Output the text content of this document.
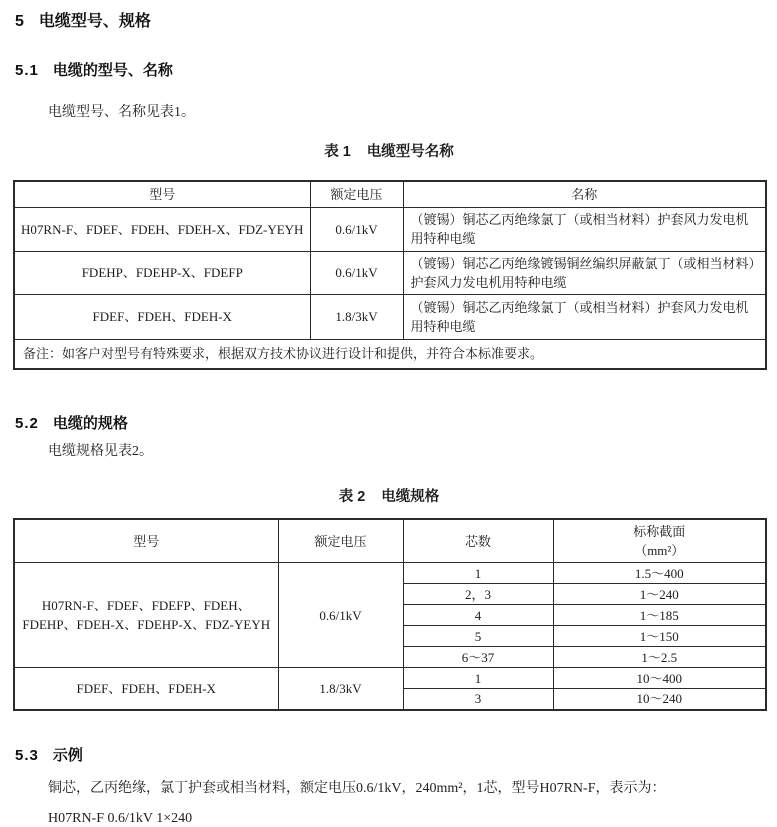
5 电缆型号、规格
5.1 电缆的型号、名称

电缆型号、名称见表1。

表 1 电缆型号名称
型号	额定电压	名称
H07RN-F、FDEF、FDEH、FDEH-X、FDZ-YEYH	0.6/1kV	（镀锡）铜芯乙丙绝缘氯丁（或相当材料）护套风力发电机用特种电缆
FDEHP、FDEHP-X、FDEFP	0.6/1kV	（镀锡）铜芯乙丙绝缘镀锡铜丝编织屏蔽氯丁（或相当材料）护套风力发电机用特种电缆
FDEF、FDEH、FDEH-X	1.8/3kV	（镀锡）铜芯乙丙绝缘氯丁（或相当材料）护套风力发电机用特种电缆
备注：如客户对型号有特殊要求，根据双方技术协议进行设计和提供，并符合本标准要求。		
5.2 电缆的规格

电缆规格见表2。

表 2 电缆规格
型号	额定电压	芯数	标称截面
（mm²）

H07RN-F、FDEF、FDEFP、FDEH、FDEHP、FDEH-X、FDEHP-X、FDZ-YEYH	0.6/1kV	1	1.5～400
		2，3	1～240
		4	1～185
		5	1～150
		6～37	1～2.5
FDEF、FDEH、FDEH-X	1.8/3kV	1	10～400
		3	10～240
5.3 示例

铜芯，乙丙绝缘，氯丁护套或相当材料，额定电压0.6/1kV，240mm²，1芯，型号H07RN-F，表示为：

H07RN-F 0.6/1kV 1×240
